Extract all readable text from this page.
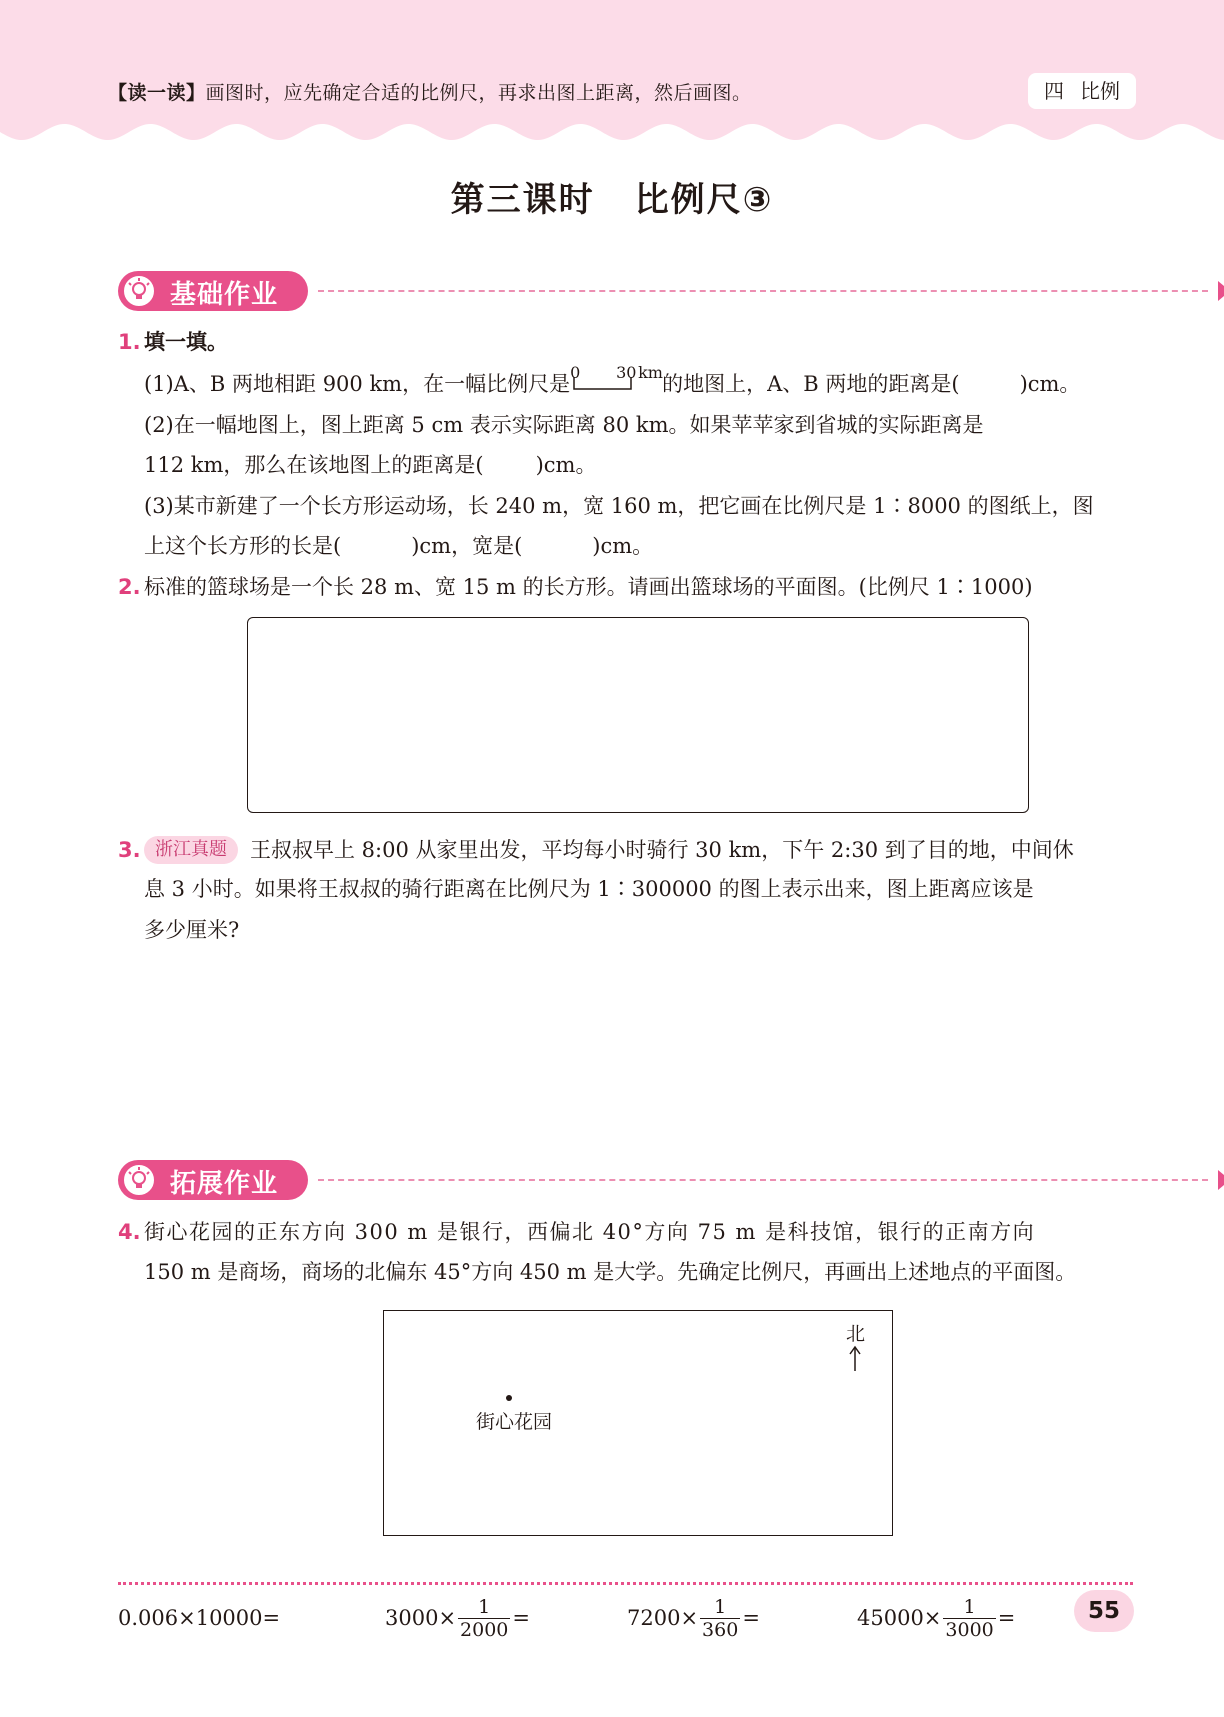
【读一读】画图时，应先确定合适的比例尺，再求出图上距离，然后画图。	四 比例
第三课时 比例尺③
基础作业
1. 填一填。
(1)A、B 两地相距 900 km，在一幅比例尺是 0 30 km 的地图上，A、B 两地的距离是(	)cm。
(2)在一幅地图上，图上距离 5 cm 表示实际距离 80 km。如果苹苹家到省城的实际距离是
112 km，那么在该地图上的距离是( )cm。
(3)某市新建了一个长方形运动场，长 240 m，宽 160 m，把它画在比例尺是 1∶8000 的图纸上，图
上这个长方形的长是(	)cm，宽是(	)cm。
2. 标准的篮球场是一个长 28 m、宽 15 m 的长方形。请画出篮球场的平面图。(比例尺 1∶1000)
3. 浙江真题 王叔叔早上 8:00 从家里出发，平均每小时骑行 30 km，下午 2:30 到了目的地，中间休
息 3 小时。如果将王叔叔的骑行距离在比例尺为 1∶300000 的图上表示出来，图上距离应该是
多少厘米?
拓展作业
4. 街心花园的正东方向 300 m 是银行，西偏北 40°方向 75 m 是科技馆，银行的正南方向
150 m 是商场，商场的北偏东 45°方向 450 m 是大学。先确定比例尺，再画出上述地点的平面图。
北
街心花园
0.006×10000=	$3000\times \frac{1}{2000}$ =	$7200\times \frac{1}{360}$ =	$45000\times \frac{1}{3000}$ =	55
